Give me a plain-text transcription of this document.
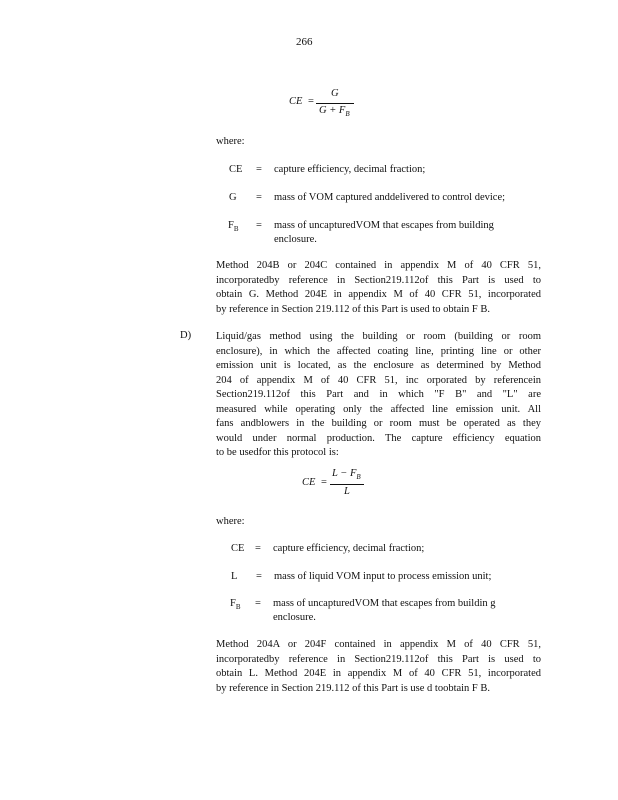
266
CE =
G
$G + F_B$
where:
CE = capture efficiency, decimal fraction;
G = mass of VOM captured anddelivered to control device;
$F_B$ = mass of uncapturedVOM that escapes from building
enclosure.
Method 204B or 204C contained in appendix M of 40 CFR 51,
incorporatedby reference in Section219.112of this Part is used to
obtain G. Method 204E in appendix M of 40 CFR 51, incorporated
by reference in Section 219.112 of this Part is used to obtain F B.
D) Liquid/gas method using the building or room (building or room
enclosure), in which the affected coating line, printing line or other
emission unit is located, as the enclosure as determined by Method
204 of appendix M of 40 CFR 51, inc orporated by referencein
Section219.112of this Part and in which "F B" and "L" are
measured while operating only the affected line emission unit. All
fans andblowers in the building or room must be operated as they
would under normal production. The capture efficiency equation
to be usedfor this protocol is:
CE =
$L - F_B$
L
where:
CE = capture efficiency, decimal fraction;
L = mass of liquid VOM input to process emission unit;
$F_B$ = mass of uncapturedVOM that escapes from buildin g
enclosure.
Method 204A or 204F contained in appendix M of 40 CFR 51,
incorporatedby reference in Section219.112of this Part is used to
obtain L. Method 204E in appendix M of 40 CFR 51, incorporated
by reference in Section 219.112 of this Part is use d toobtain F B.
